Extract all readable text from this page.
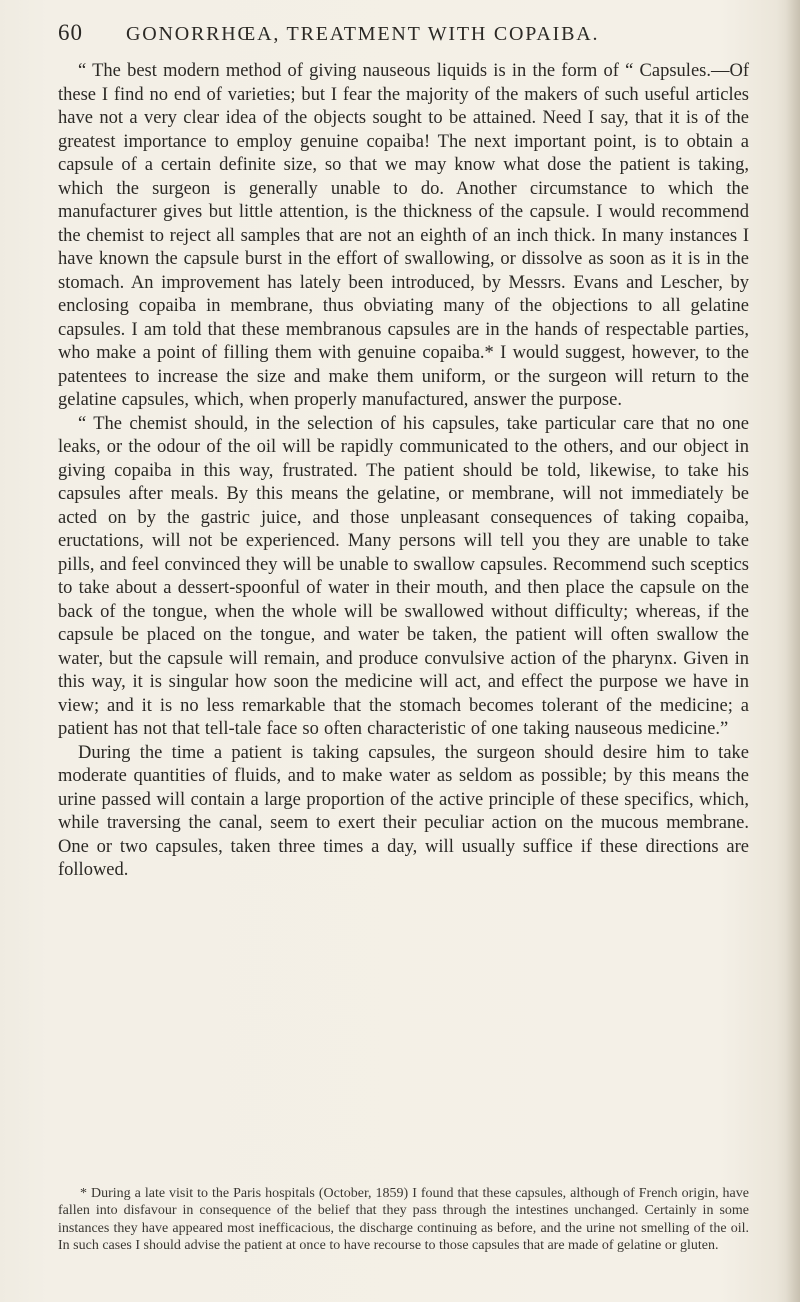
60 GONORRHŒA, TREATMENT WITH COPAIBA.

“ The best modern method of giving nauseous liquids is in the form of “ Capsules.—Of these I find no end of varieties; but I fear the majority of the makers of such useful articles have not a very clear idea of the objects sought to be attained. Need I say, that it is of the greatest importance to employ genuine copaiba! The next important point, is to obtain a capsule of a certain definite size, so that we may know what dose the patient is taking, which the surgeon is generally unable to do. Another circumstance to which the manufacturer gives but little attention, is the thickness of the capsule. I would recommend the chemist to reject all samples that are not an eighth of an inch thick. In many instances I have known the capsule burst in the effort of swallowing, or dissolve as soon as it is in the stomach. An improvement has lately been introduced, by Messrs. Evans and Lescher, by enclosing copaiba in membrane, thus obviating many of the objections to all gelatine capsules. I am told that these membranous capsules are in the hands of respectable parties, who make a point of filling them with genuine copaiba.* I would suggest, however, to the patentees to increase the size and make them uniform, or the surgeon will return to the gelatine capsules, which, when properly manufactured, answer the purpose.

“ The chemist should, in the selection of his capsules, take particular care that no one leaks, or the odour of the oil will be rapidly communicated to the others, and our object in giving copaiba in this way, frustrated. The patient should be told, likewise, to take his capsules after meals. By this means the gelatine, or membrane, will not immediately be acted on by the gastric juice, and those unpleasant consequences of taking copaiba, eructations, will not be experienced. Many persons will tell you they are unable to take pills, and feel convinced they will be unable to swallow capsules. Recommend such sceptics to take about a dessert-spoonful of water in their mouth, and then place the capsule on the back of the tongue, when the whole will be swallowed without difficulty; whereas, if the capsule be placed on the tongue, and water be taken, the patient will often swallow the water, but the capsule will remain, and produce convulsive action of the pharynx. Given in this way, it is singular how soon the medicine will act, and effect the purpose we have in view; and it is no less remarkable that the stomach becomes tolerant of the medicine; a patient has not that tell-tale face so often characteristic of one taking nauseous medicine.”

During the time a patient is taking capsules, the surgeon should desire him to take moderate quantities of fluids, and to make water as seldom as possible; by this means the urine passed will contain a large proportion of the active principle of these specifics, which, while traversing the canal, seem to exert their peculiar action on the mucous membrane. One or two capsules, taken three times a day, will usually suffice if these directions are followed.

* During a late visit to the Paris hospitals (October, 1859) I found that these capsules, although of French origin, have fallen into disfavour in consequence of the belief that they pass through the intestines unchanged. Certainly in some instances they have appeared most inefficacious, the discharge continuing as before, and the urine not smelling of the oil. In such cases I should advise the patient at once to have recourse to those capsules that are made of gelatine or gluten.
